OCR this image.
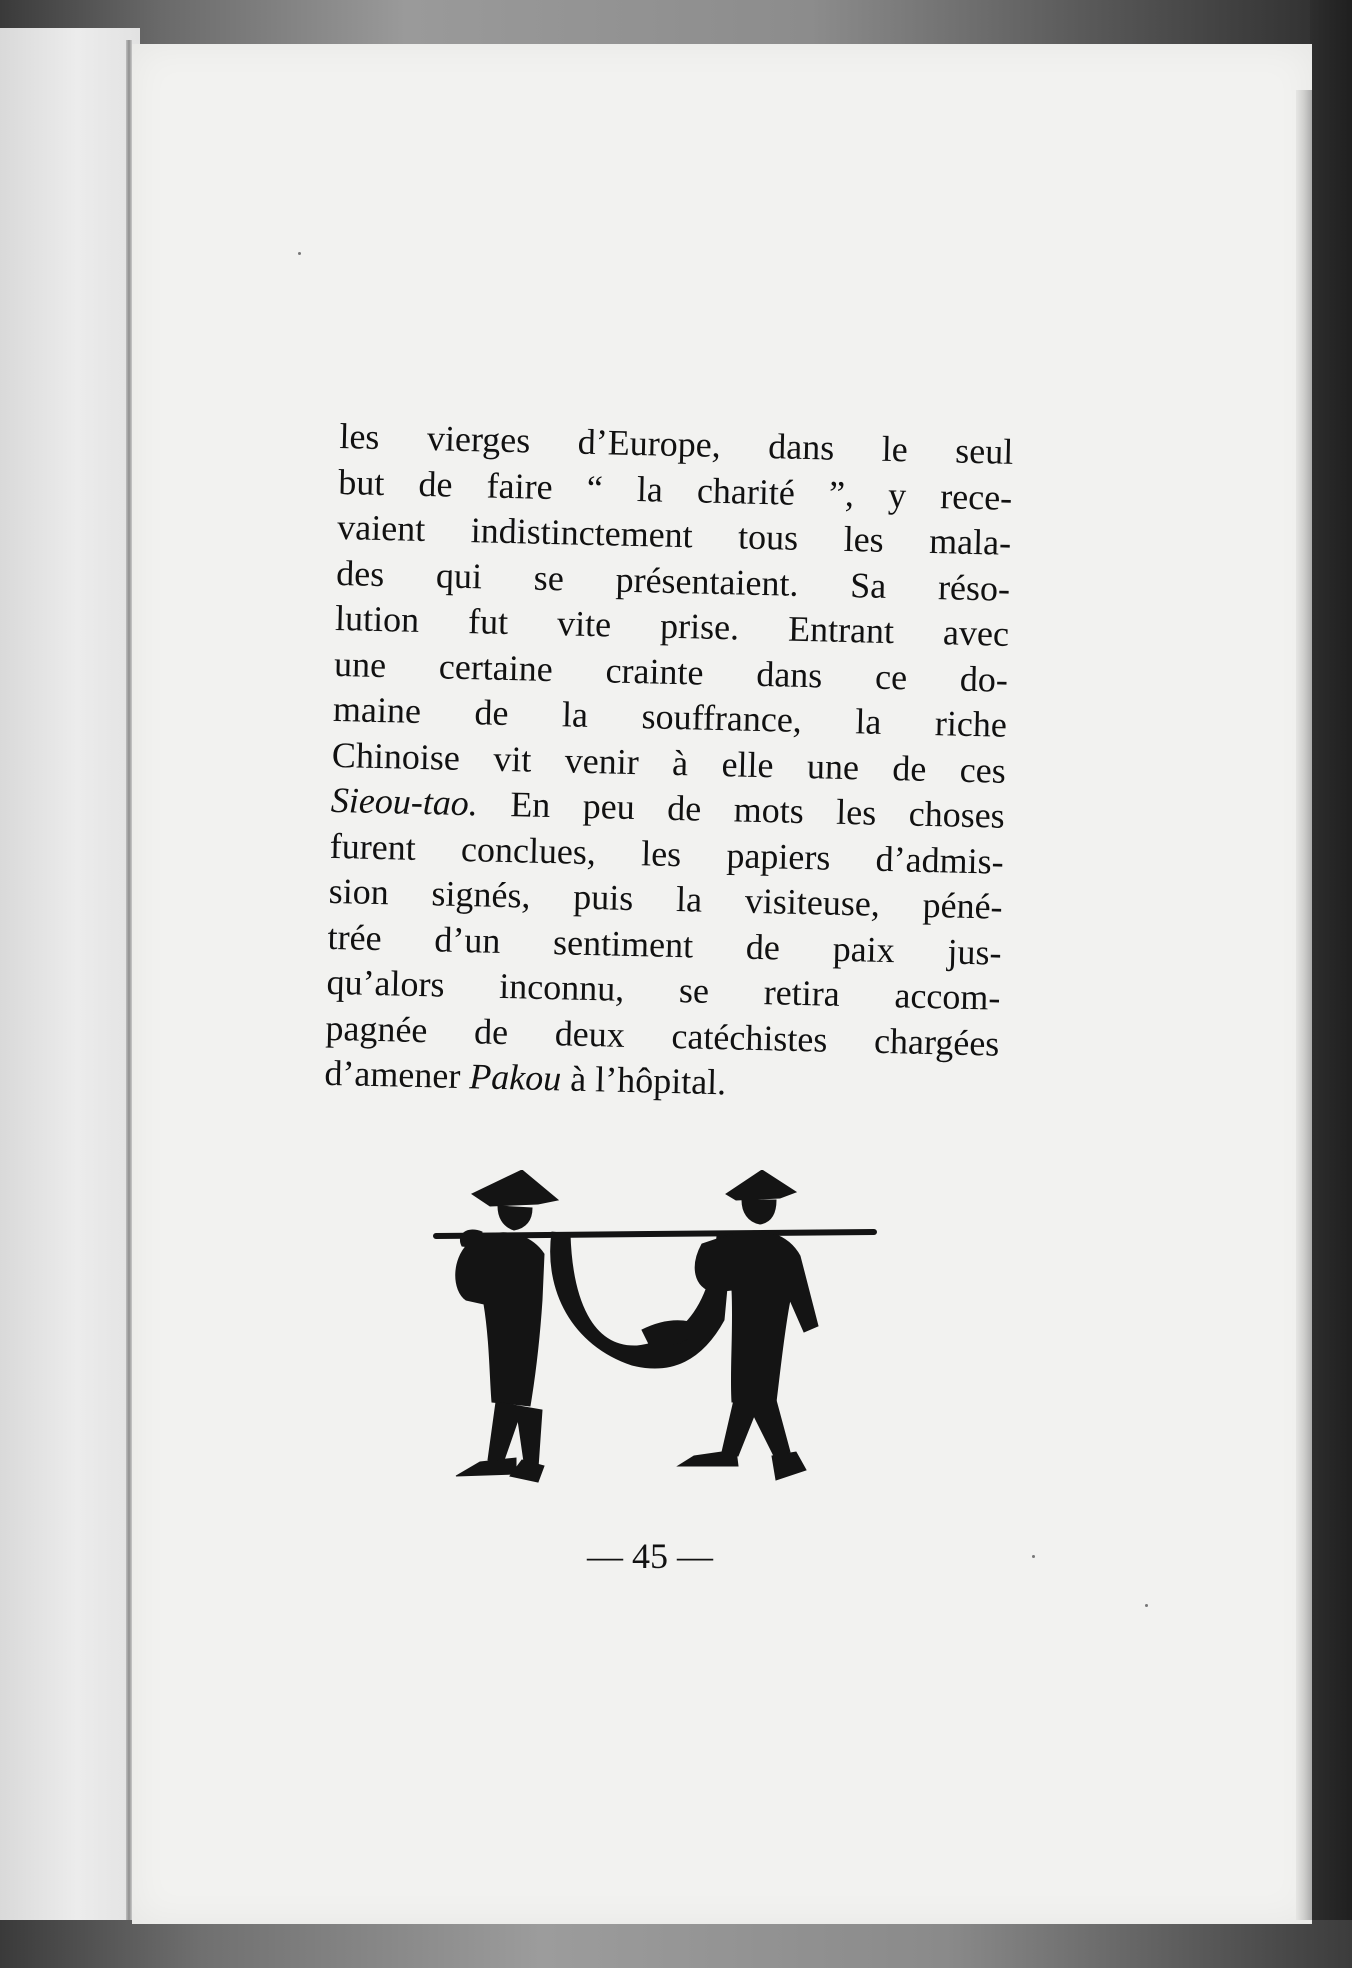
les vierges d’Europe, dans le seul
but de faire “ la charité ”, y rece-
vaient indistinctement tous les mala-
des qui se présentaient. Sa réso-
lution fut vite prise. Entrant avec
une certaine crainte dans ce do-
maine de la souffrance, la riche
Chinoise vit venir à elle une de ces
Sieou-tao. En peu de mots les choses
furent conclues, les papiers d’admis-
sion signés, puis la visiteuse, péné-
trée d’un sentiment de paix jus-
qu’alors inconnu, se retira accom-
pagnée de deux catéchistes chargées
d’amener Pakou à l’hôpital.
— 45 —
